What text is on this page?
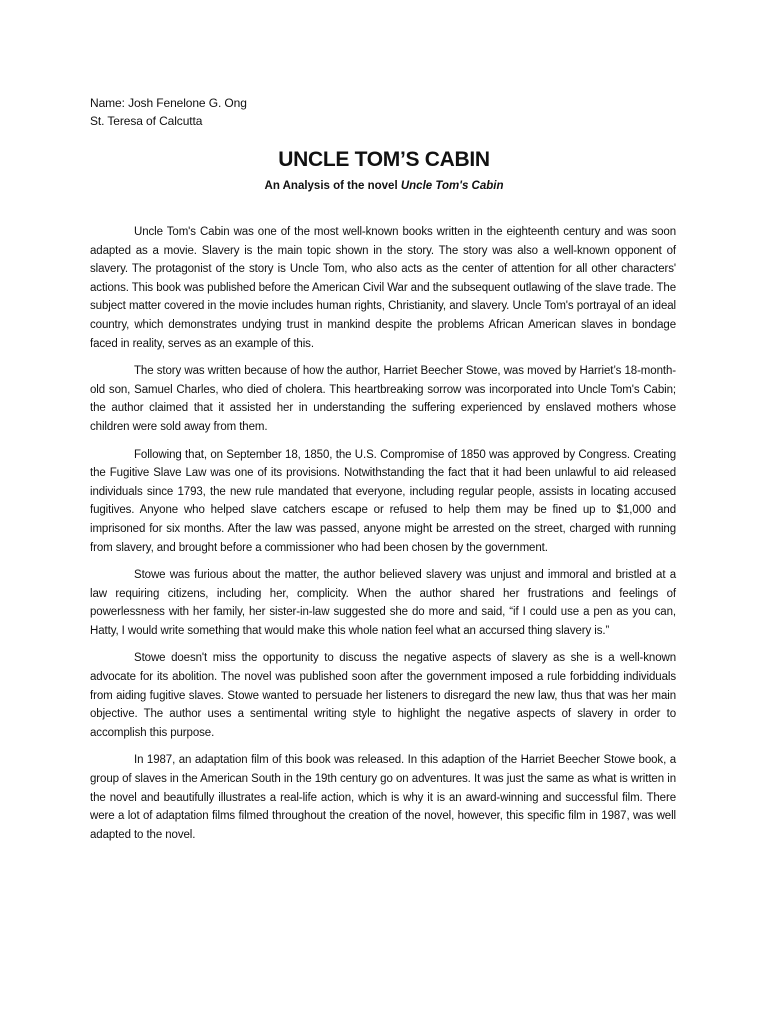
Name: Josh Fenelone G. Ong
St. Teresa of Calcutta
UNCLE TOM’S CABIN
An Analysis of the novel Uncle Tom's Cabin

Uncle Tom's Cabin was one of the most well-known books written in the eighteenth century and was soon adapted as a movie. Slavery is the main topic shown in the story. The story was also a well-known opponent of slavery. The protagonist of the story is Uncle Tom, who also acts as the center of attention for all other characters' actions. This book was published before the American Civil War and the subsequent outlawing of the slave trade. The subject matter covered in the movie includes human rights, Christianity, and slavery. Uncle Tom's portrayal of an ideal country, which demonstrates undying trust in mankind despite the problems African American slaves in bondage faced in reality, serves as an example of this.

The story was written because of how the author, Harriet Beecher Stowe, was moved by Harriet’s 18-month-old son, Samuel Charles, who died of cholera. This heartbreaking sorrow was incorporated into Uncle Tom's Cabin; the author claimed that it assisted her in understanding the suffering experienced by enslaved mothers whose children were sold away from them.

Following that, on September 18, 1850, the U.S. Compromise of 1850 was approved by Congress. Creating the Fugitive Slave Law was one of its provisions. Notwithstanding the fact that it had been unlawful to aid released individuals since 1793, the new rule mandated that everyone, including regular people, assists in locating accused fugitives. Anyone who helped slave catchers escape or refused to help them may be fined up to $1,000 and imprisoned for six months. After the law was passed, anyone might be arrested on the street, charged with running from slavery, and brought before a commissioner who had been chosen by the government.

Stowe was furious about the matter, the author believed slavery was unjust and immoral and bristled at a law requiring citizens, including her, complicity. When the author shared her frustrations and feelings of powerlessness with her family, her sister-in-law suggested she do more and said, “if I could use a pen as you can, Hatty, I would write something that would make this whole nation feel what an accursed thing slavery is.”

Stowe doesn't miss the opportunity to discuss the negative aspects of slavery as she is a well-known advocate for its abolition. The novel was published soon after the government imposed a rule forbidding individuals from aiding fugitive slaves. Stowe wanted to persuade her listeners to disregard the new law, thus that was her main objective. The author uses a sentimental writing style to highlight the negative aspects of slavery in order to accomplish this purpose.

In 1987, an adaptation film of this book was released. In this adaption of the Harriet Beecher Stowe book, a group of slaves in the American South in the 19th century go on adventures. It was just the same as what is written in the novel and beautifully illustrates a real-life action, which is why it is an award-winning and successful film. There were a lot of adaptation films filmed throughout the creation of the novel, however, this specific film in 1987, was well adapted to the novel.
